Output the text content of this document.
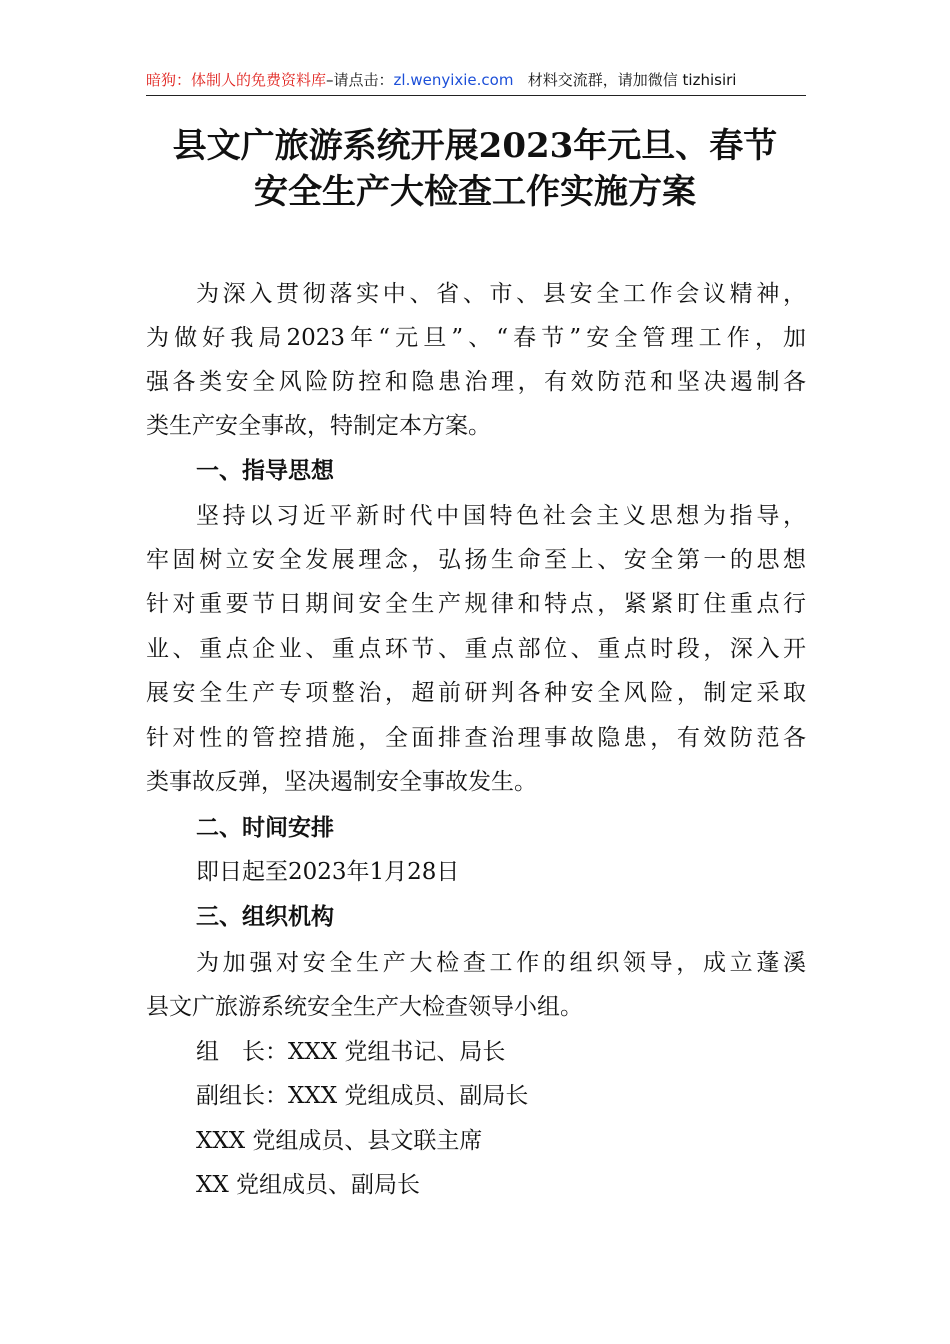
暗狗：体制人的免费资料库–请点击：zl.wenyixie.com 材料交流群，请加微信 tizhisiri
县文广旅游系统开展2023年元旦、春节
安全生产大检查工作实施方案
为深入贯彻落实中、省、市、县安全工作会议精神，
为做好我局2023年“元旦”、“春节”安全管理工作，加
强各类安全风险防控和隐患治理，有效防范和坚决遏制各
类生产安全事故，特制定本方案。
一、指导思想
坚持以习近平新时代中国特色社会主义思想为指导，
牢固树立安全发展理念，弘扬生命至上、安全第一的思想
针对重要节日期间安全生产规律和特点，紧紧盯住重点行
业、重点企业、重点环节、重点部位、重点时段，深入开
展安全生产专项整治，超前研判各种安全风险，制定采取
针对性的管控措施，全面排查治理事故隐患，有效防范各
类事故反弹，坚决遏制安全事故发生。
二、时间安排
即日起至2023年1月28日
三、组织机构
为加强对安全生产大检查工作的组织领导，成立蓬溪
县文广旅游系统安全生产大检查领导小组。
组　长：XXX 党组书记、局长
副组长：XXX 党组成员、副局长
XXX 党组成员、县文联主席
XX 党组成员、副局长
